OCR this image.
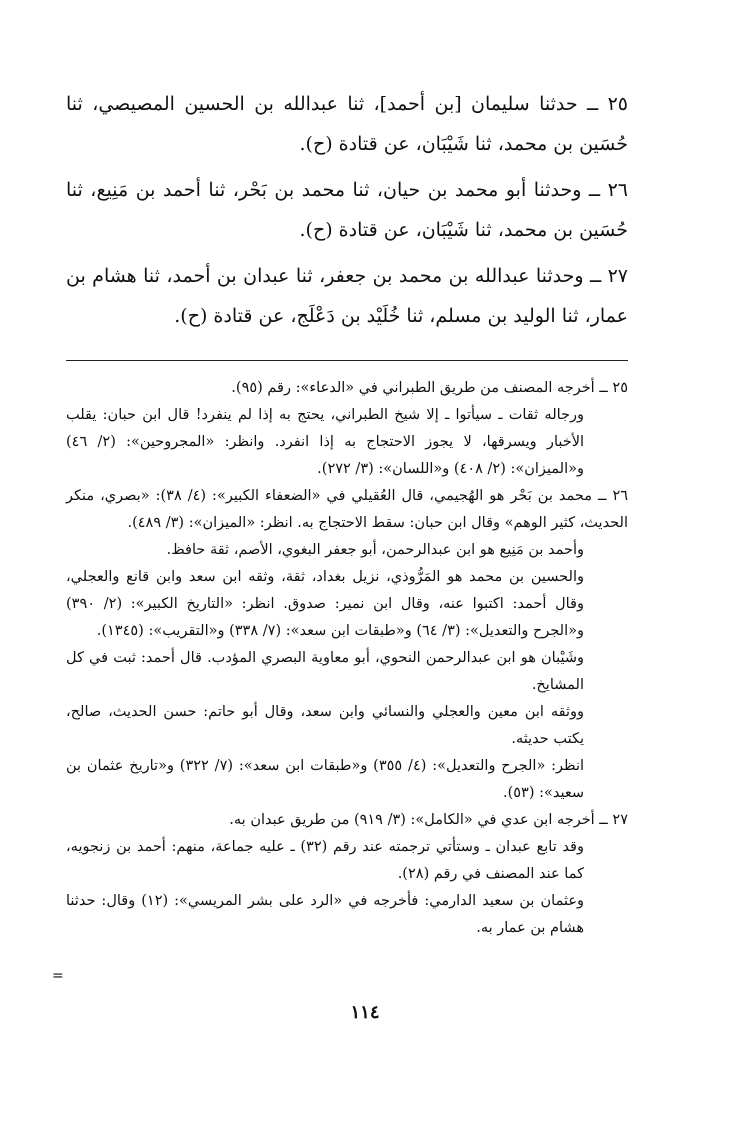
٢٥ ــ حدثنا سليمان [بن أحمد]، ثنا عبدالله بن الحسين المصيصي، ثنا حُسَين بن محمد، ثنا شَيْبَان، عن قتادة (ح).

٢٦ ــ وحدثنا أبو محمد بن حيان، ثنا محمد بن بَحْر، ثنا أحمد بن مَنِيع، ثنا حُسَين بن محمد، ثنا شَيْبَان، عن قتادة (ح).

٢٧ ــ وحدثنا عبدالله بن محمد بن جعفر، ثنا عبدان بن أحمد، ثنا هشام بن عمار، ثنا الوليد بن مسلم، ثنا خُلَيْد بن دَعْلَج، عن قتادة (ح).

٢٥ ــ أخرجه المصنف من طريق الطبراني في «الدعاء»: رقم (٩٥).

ورجاله ثقات ـ سيأتوا ـ إلا شيخ الطبراني، يحتج به إذا لم ينفرد! قال ابن حبان: يقلب الأخبار ويسرقها، لا يجوز الاحتجاج به إذا انفرد. وانظر: «المجروحين»: (٢/ ٤٦) و«الميزان»: (٢/ ٤٠٨) و«اللسان»: (٣/ ٢٧٢).

٢٦ ــ محمد بن بَحْر هو الهُجيمي، قال العُقيلي في «الضعفاء الكبير»: (٤/ ٣٨): «بصري، منكر الحديث، كثير الوهم» وقال ابن حبان: سقط الاحتجاج به. انظر: «الميزان»: (٣/ ٤٨٩).

وأحمد بن مَنِيع هو ابن عبدالرحمن، أبو جعفر البغوي، الأصم، ثقة حافظ.

والحسين بن محمد هو المَرُّوذي، نزيل بغداد، ثقة، وثقه ابن سعد وابن قانع والعجلي، وقال أحمد: اكتبوا عنه، وقال ابن نمير: صدوق. انظر: «التاريخ الكبير»: (٢/ ٣٩٠) و«الجرح والتعديل»: (٣/ ٦٤) و«طبقات ابن سعد»: (٧/ ٣٣٨) و«التقريب»: (١٣٤٥).

وشَيْبان هو ابن عبدالرحمن النحوي، أبو معاوية البصري المؤدب. قال أحمد: ثبت في كل المشايخ.

ووثقه ابن معين والعجلي والنسائي وابن سعد، وقال أبو حاتم: حسن الحديث، صالح، يكتب حديثه.

انظر: «الجرح والتعديل»: (٤/ ٣٥٥) و«طبقات ابن سعد»: (٧/ ٣٢٢) و«تاريخ عثمان بن سعيد»: (٥٣).

٢٧ ــ أخرجه ابن عدي في «الكامل»: (٣/ ٩١٩) من طريق عبدان به.

وقد تابع عبدان ـ وستأتي ترجمته عند رقم (٣٢) ـ عليه جماعة، منهم: أحمد بن زنجويه، كما عند المصنف في رقم (٢٨).

وعثمان بن سعيد الدارمي: فأخرجه في «الرد على بشر المريسي»: (١٢) وقال: حدثنا هشام بن عمار به.

=
١١٤
